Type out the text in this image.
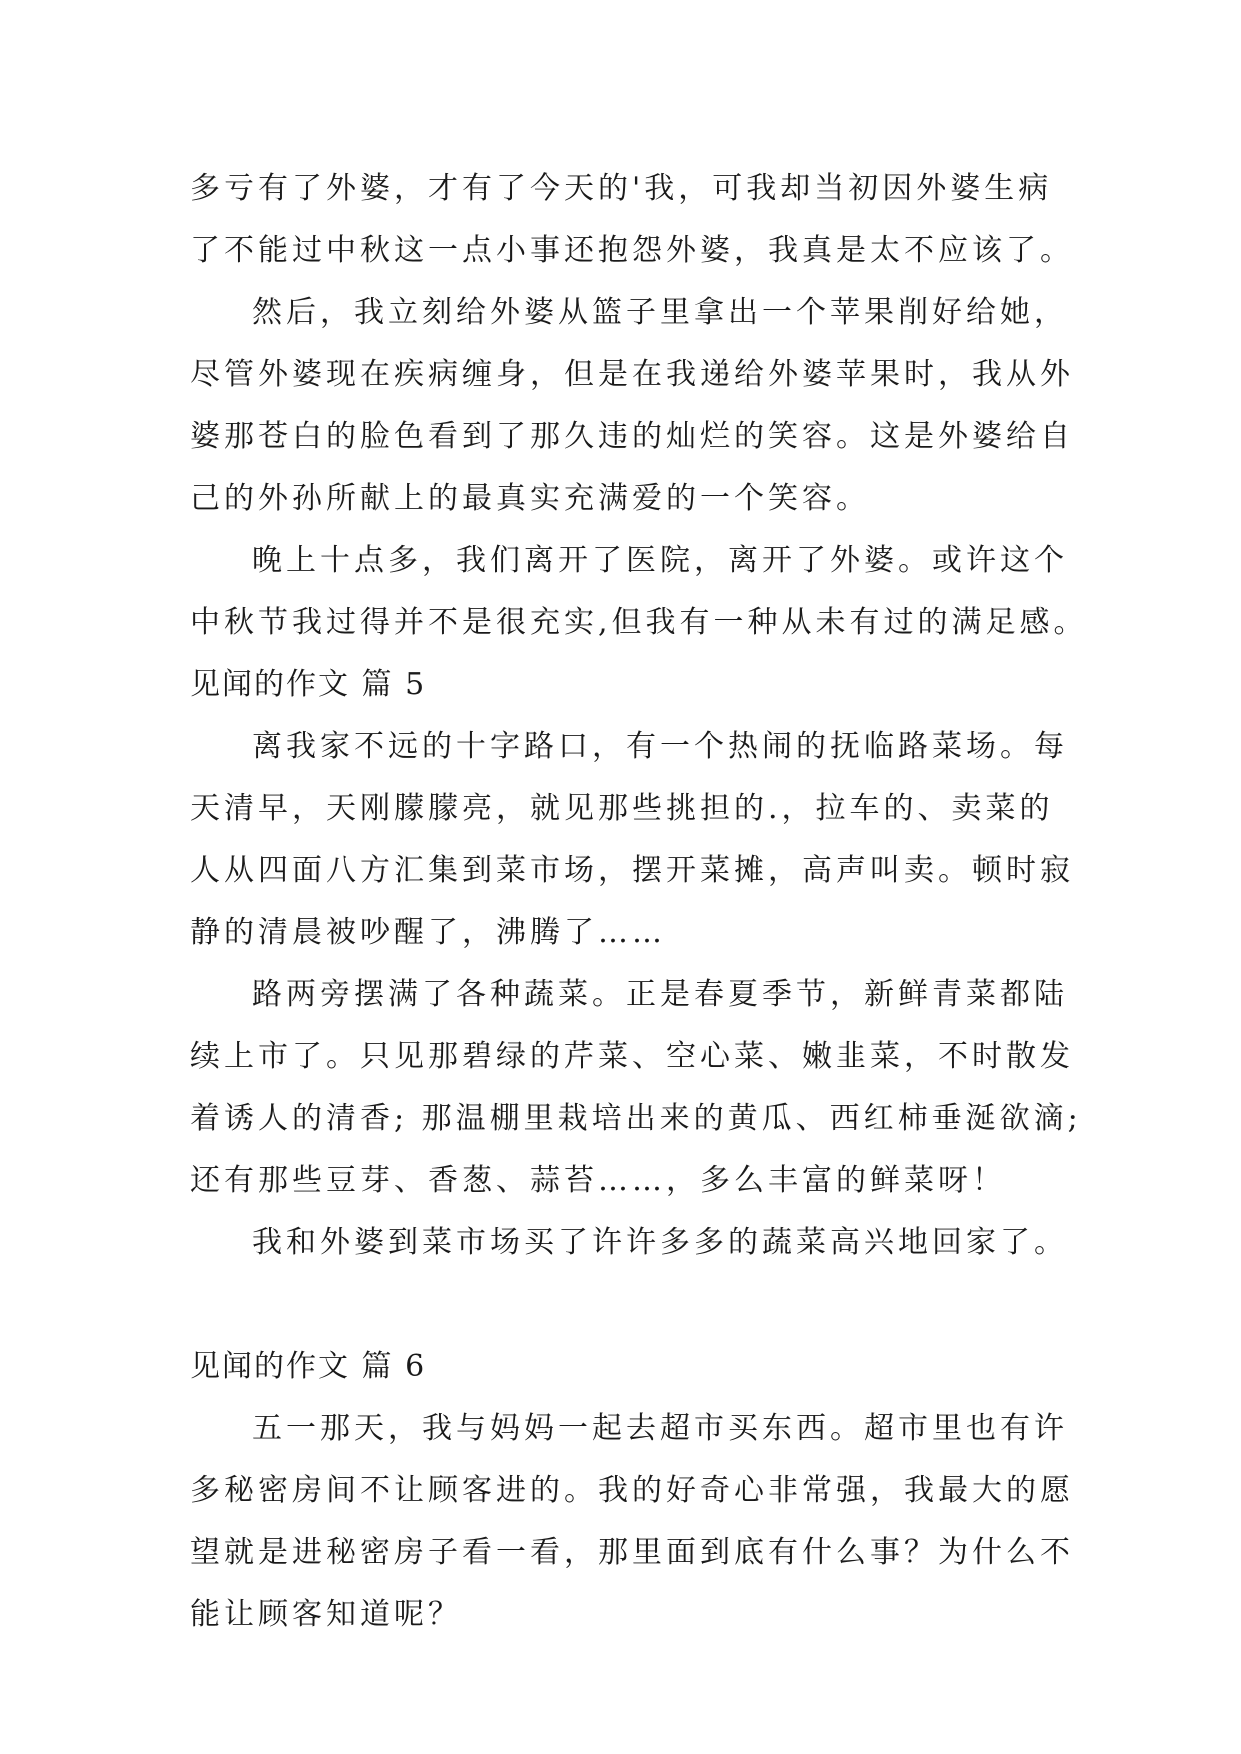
多亏有了外婆，才有了今天的'我，可我却当初因外婆生病
了不能过中秋这一点小事还抱怨外婆，我真是太不应该了。
然后，我立刻给外婆从篮子里拿出一个苹果削好给她，
尽管外婆现在疾病缠身，但是在我递给外婆苹果时，我从外
婆那苍白的脸色看到了那久违的灿烂的笑容。这是外婆给自
己的外孙所献上的最真实充满爱的一个笑容。
晚上十点多，我们离开了医院，离开了外婆。或许这个
中秋节我过得并不是很充实,但我有一种从未有过的满足感。
见闻的作文 篇 5
离我家不远的十字路口，有一个热闹的抚临路菜场。每
天清早，天刚朦朦亮，就见那些挑担的.，拉车的、卖菜的
人从四面八方汇集到菜市场，摆开菜摊，高声叫卖。顿时寂
静的清晨被吵醒了，沸腾了……
路两旁摆满了各种蔬菜。正是春夏季节，新鲜青菜都陆
续上市了。只见那碧绿的芹菜、空心菜、嫩韭菜，不时散发
着诱人的清香; 那温棚里栽培出来的黄瓜、西红柿垂涎欲滴;
还有那些豆芽、香葱、蒜苔……，多么丰富的鲜菜呀！
我和外婆到菜市场买了许许多多的蔬菜高兴地回家了。
见闻的作文 篇 6
五一那天，我与妈妈一起去超市买东西。超市里也有许
多秘密房间不让顾客进的。我的好奇心非常强，我最大的愿
望就是进秘密房子看一看，那里面到底有什么事？为什么不
能让顾客知道呢？
